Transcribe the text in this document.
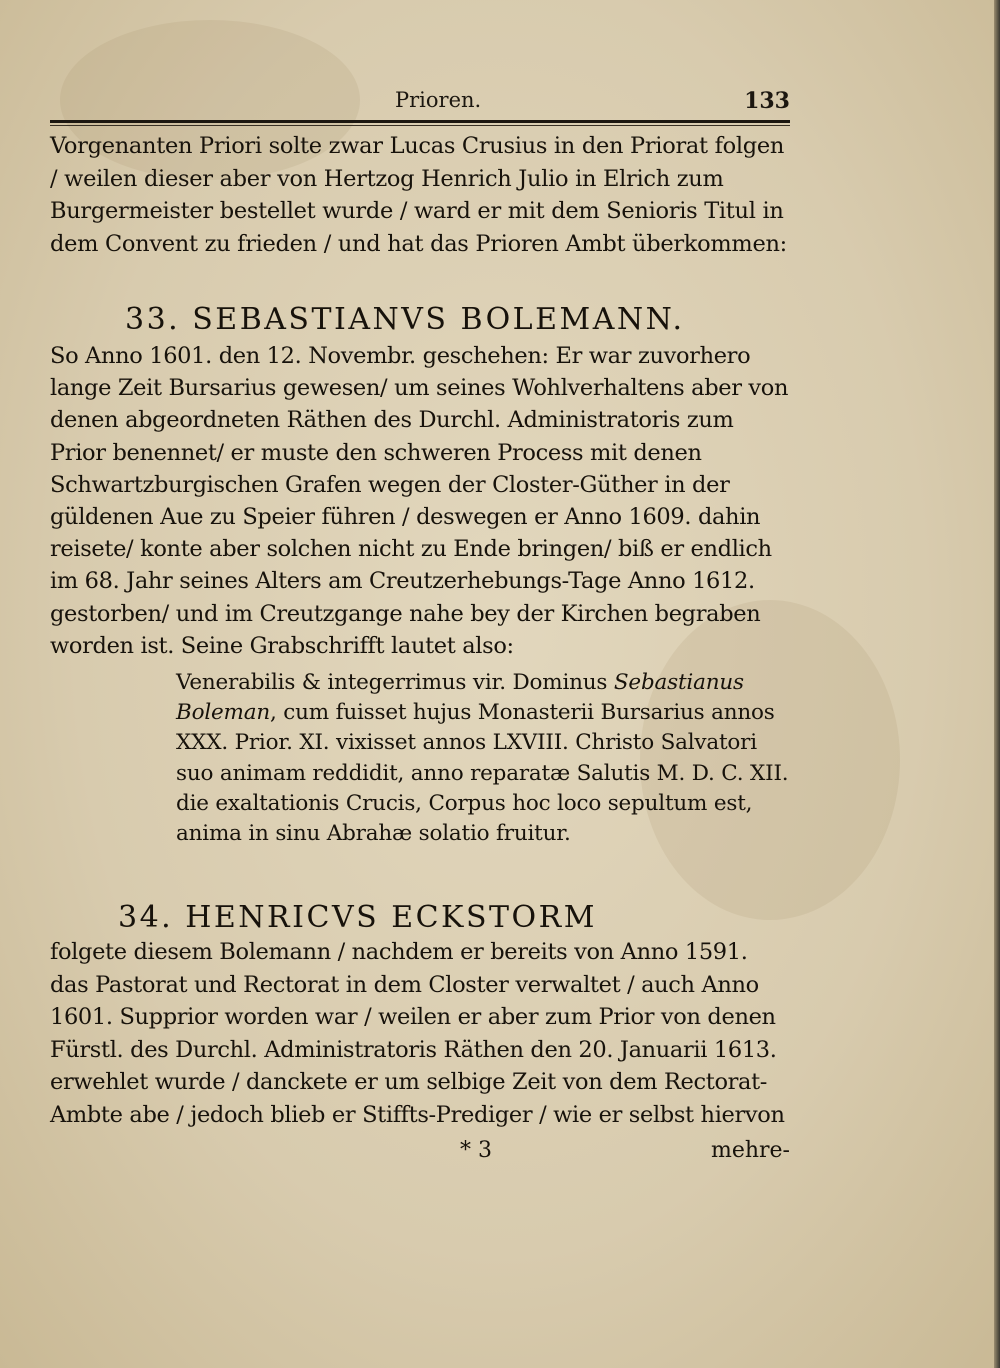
Prioren.	133
Vorgenanten Priori solte zwar Lucas Crusius in den Priorat folgen / weilen dieser aber von Hertzog Henrich Julio in Elrich zum Burgermeister bestellet wurde / ward er mit dem Senioris Titul in dem Convent zu frieden / und hat das Prioren Ambt überkommen:
33. SEBASTIANVS BOLEMANN.
So Anno 1601. den 12. Novembr. geschehen: Er war zuvorhero lange Zeit Bursarius gewesen/ um seines Wohlverhaltens aber von denen abgeordneten Räthen des Durchl. Administratoris zum Prior benennet/ er muste den schweren Process mit denen Schwartzburgischen Grafen wegen der Closter-Güther in der güldenen Aue zu Speier führen / deswegen er Anno 1609. dahin reisete/ konte aber solchen nicht zu Ende bringen/ biß er endlich im 68. Jahr seines Alters am Creutzerhebungs-Tage Anno 1612. gestorben/ und im Creutzgange nahe bey der Kirchen begraben worden ist. Seine Grabschrifft lautet also:
Venerabilis & integerrimus vir. Dominus Sebastianus Boleman, cum fuisset hujus Monasterii Bursarius annos XXX. Prior. XI. vixisset annos LXVIII. Christo Salvatori suo animam reddidit, anno reparatæ Salutis M. D. C. XII. die exaltationis Crucis, Corpus hoc loco sepultum est, anima in sinu Abrahæ solatio fruitur.
34. HENRICVS ECKSTORM
folgete diesem Bolemann / nachdem er bereits von Anno 1591. das Pastorat und Rectorat in dem Closter verwaltet / auch Anno 1601. Supprior worden war / weilen er aber zum Prior von denen Fürstl. des Durchl. Administratoris Räthen den 20. Januarii 1613. erwehlet wurde / danckete er um selbige Zeit von dem Rectorat-Ambte abe / jedoch blieb er Stiffts-Prediger / wie er selbst hiervon
* 3	mehre-
